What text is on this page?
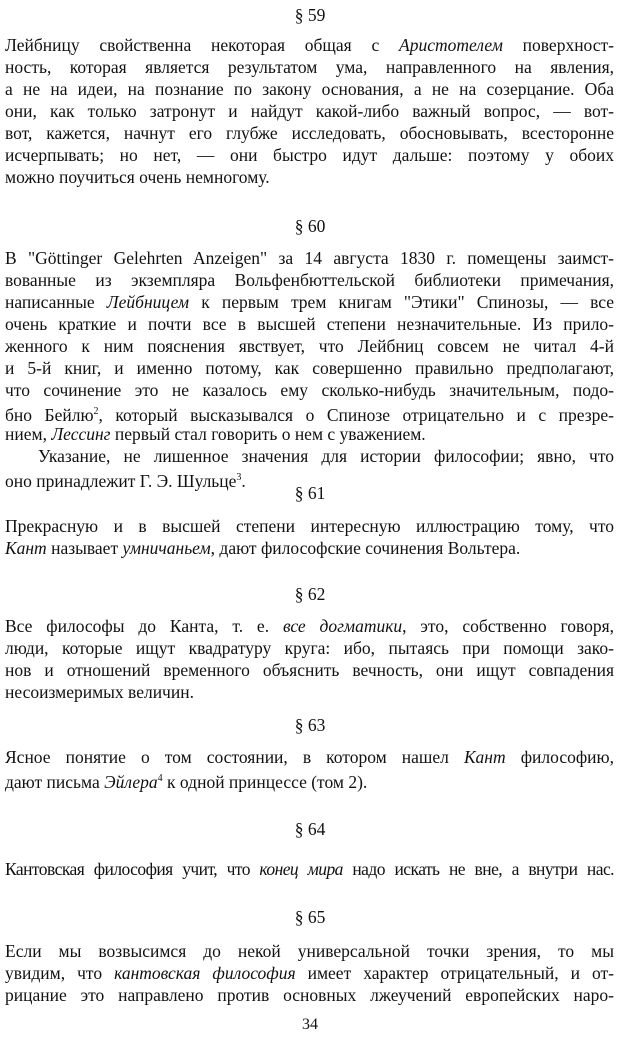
§ 59
Лейбницу свойственна некоторая общая с Аристотелем поверхност-
ность, которая является результатом ума, направленного на явления,
а не на идеи, на познание по закону основания, а не на созерцание. Оба
они, как только затронут и найдут какой-либо важный вопрос, — вот-
вот, кажется, начнут его глубже исследовать, обосновывать, всесторонне
исчерпывать; но нет, — они быстро идут дальше: поэтому у обоих
можно поучиться очень немногому.
§ 60
В "Göttinger Gelehrten Anzeigen" за 14 августа 1830 г. помещены заимст-
вованные из экземпляра Вольфенбюттельской библиотеки примечания,
написанные Лейбницем к первым трем книгам "Этики" Спинозы, — все
очень краткие и почти все в высшей степени незначительные. Из прило-
женного к ним пояснения явствует, что Лейбниц совсем не читал 4-й
и 5-й книг, и именно потому, как совершенно правильно предполагают,
что сочинение это не казалось ему сколько-нибудь значительным, подо-
бно Бейлю$^2$, который высказывался о Спинозе отрицательно и с презре-
нием, Лессинг первый стал говорить о нем с уважением.
Указание, не лишенное значения для истории философии; явно, что
оно принадлежит Г. Э. Шульце$^3$.
§ 61
Прекрасную и в высшей степени интересную иллюстрацию тому, что
Кант называет умничаньем, дают философские сочинения Вольтера.
§ 62
Все философы до Канта, т. е. все догматики, это, собственно говоря,
люди, которые ищут квадратуру круга: ибо, пытаясь при помощи зако-
нов и отношений временного объяснить вечность, они ищут совпадения
несоизмеримых величин.
§ 63
Ясное понятие о том состоянии, в котором нашел Кант философию,
дают письма Эйлера$^4$ к одной принцессе (том 2).
§ 64
Кантовская философия учит, что конец мира надо искать не вне, а внутри нас.
§ 65
Если мы возвысимся до некой универсальной точки зрения, то мы
увидим, что кантовская философия имеет характер отрицательный, и от-
рицание это направлено против основных лжеучений европейских наро-
34
